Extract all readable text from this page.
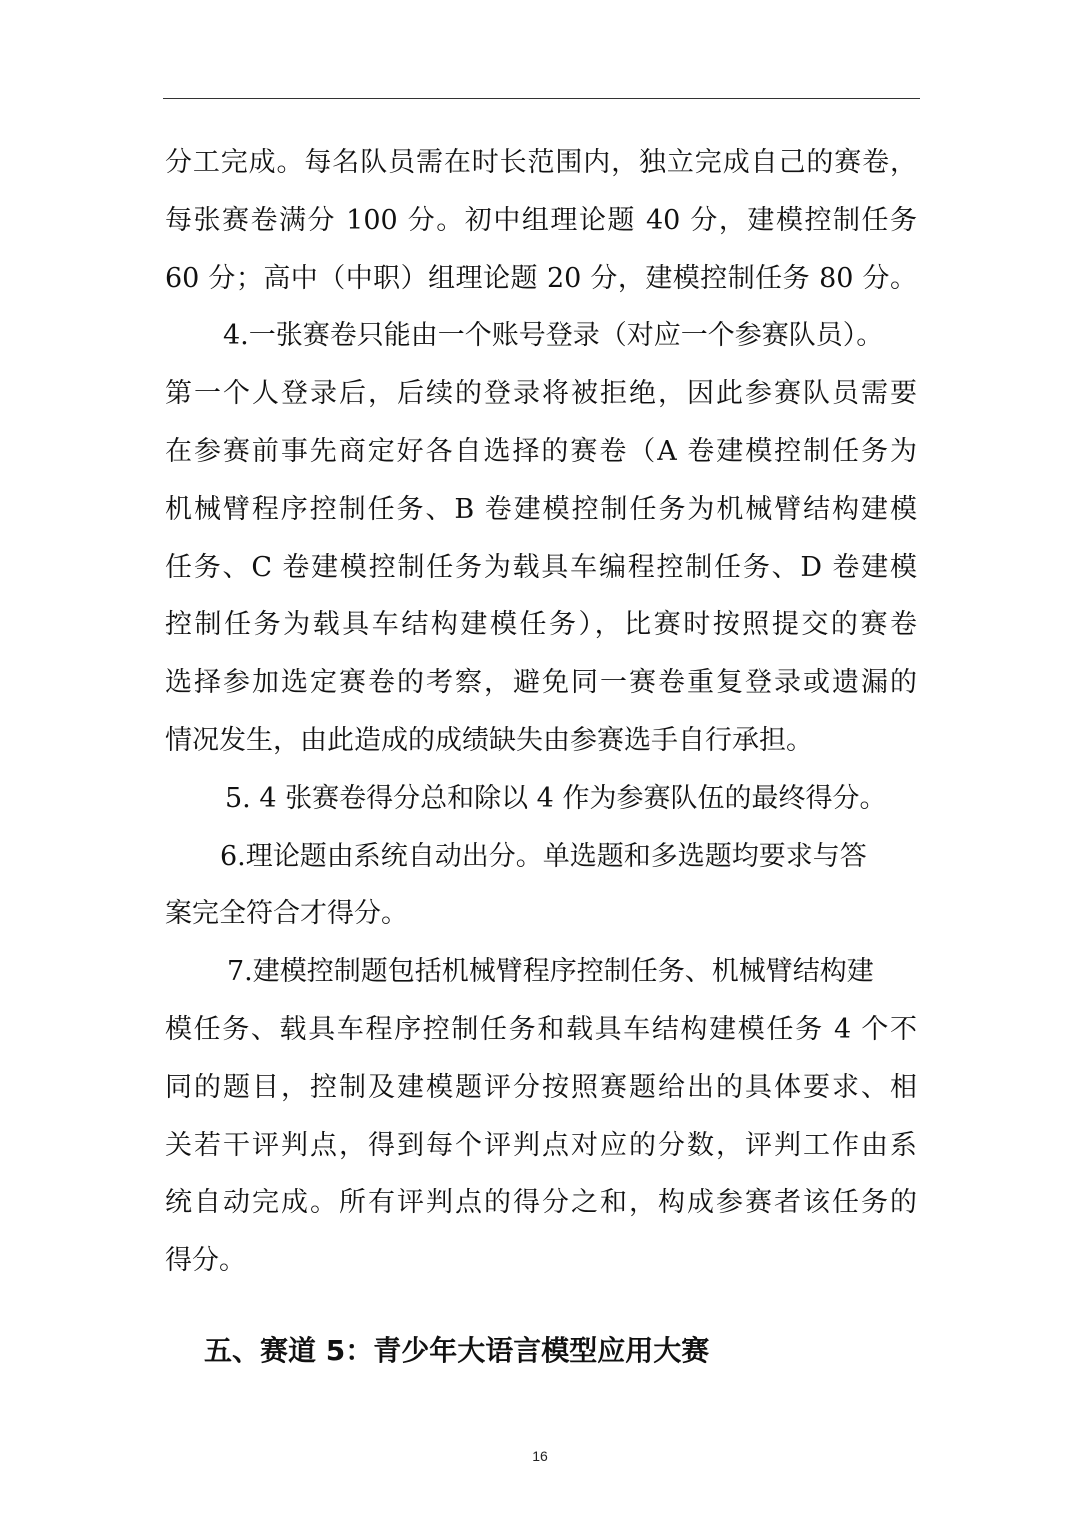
分工完成。每名队员需在时长范围内，独立完成自己的赛卷，
每张赛卷满分 100 分。初中组理论题 40 分，建模控制任务
60 分；高中（中职）组理论题 20 分，建模控制任务 80 分。
4.一张赛卷只能由一个账号登录（对应一个参赛队员）。
第一个人登录后，后续的登录将被拒绝，因此参赛队员需要
在参赛前事先商定好各自选择的赛卷（A 卷建模控制任务为
机械臂程序控制任务、B 卷建模控制任务为机械臂结构建模
任务、C 卷建模控制任务为载具车编程控制任务、D 卷建模
控制任务为载具车结构建模任务），比赛时按照提交的赛卷
选择参加选定赛卷的考察，避免同一赛卷重复登录或遗漏的
情况发生，由此造成的成绩缺失由参赛选手自行承担。
5. 4 张赛卷得分总和除以 4 作为参赛队伍的最终得分。
6.理论题由系统自动出分。单选题和多选题均要求与答
案完全符合才得分。
7.建模控制题包括机械臂程序控制任务、机械臂结构建
模任务、载具车程序控制任务和载具车结构建模任务 4 个不
同的题目，控制及建模题评分按照赛题给出的具体要求、相
关若干评判点，得到每个评判点对应的分数，评判工作由系
统自动完成。所有评判点的得分之和，构成参赛者该任务的
得分。
五、赛道 5：青少年大语言模型应用大赛
16
